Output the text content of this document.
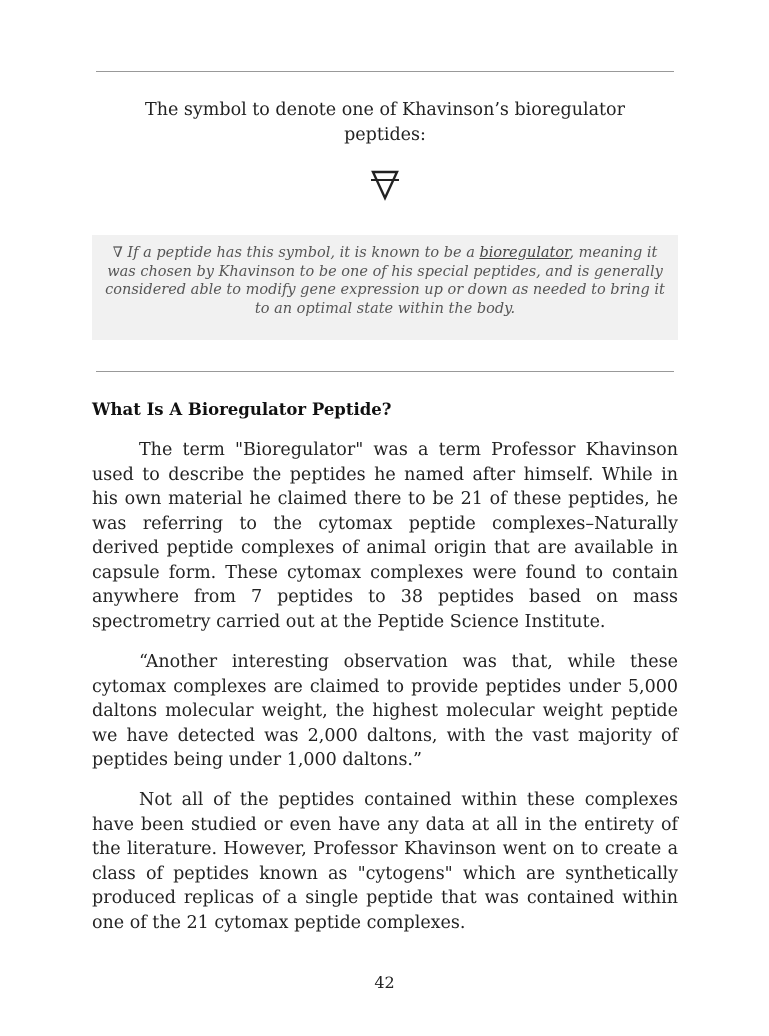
The symbol to denote one of Khavinson’s bioregulator peptides:
∇ If a peptide has this symbol, it is known to be a bioregulator, meaning it was chosen by Khavinson to be one of his special peptides, and is generally considered able to modify gene expression up or down as needed to bring it to an optimal state within the body.
What Is A Bioregulator Peptide?

The term "Bioregulator" was a term Professor Khavinson used to describe the peptides he named after himself. While in his own material he claimed there to be 21 of these peptides, he was referring to the cytomax peptide complexes–Naturally derived peptide complexes of animal origin that are available in capsule form. These cytomax complexes were found to contain anywhere from 7 peptides to 38 peptides based on mass spectrometry carried out at the Peptide Science Institute.

“Another interesting observation was that, while these cytomax complexes are claimed to provide peptides under 5,000 daltons molecular weight, the highest molecular weight peptide we have detected was 2,000 daltons, with the vast majority of peptides being under 1,000 daltons.”

Not all of the peptides contained within these complexes have been studied or even have any data at all in the entirety of the literature. However, Professor Khavinson went on to create a class of peptides known as "cytogens" which are synthetically produced replicas of a single peptide that was contained within one of the 21 cytomax peptide complexes.

42
